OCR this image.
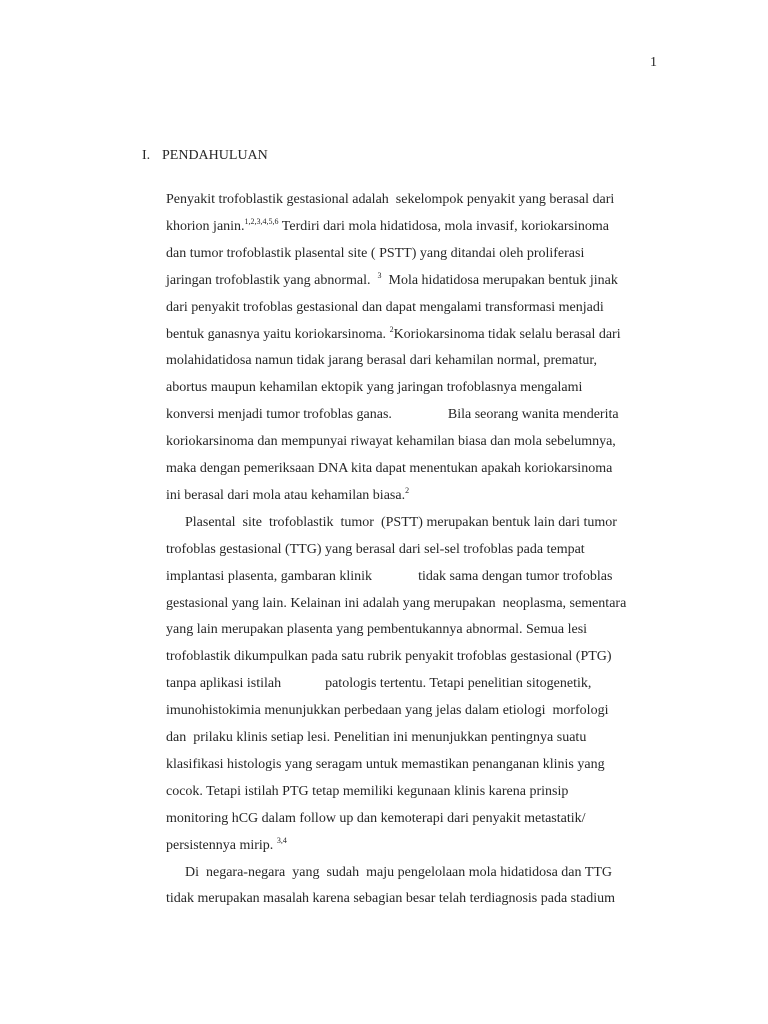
1
I. PENDAHULUAN
Penyakit trofoblastik gestasional adalah  sekelompok penyakit yang berasal dari
khorion janin.$^{1,2,3,4,5,6}$ Terdiri dari mola hidatidosa, mola invasif, koriokarsinoma
dan tumor trofoblastik plasental site ( PSTT) yang ditandai oleh proliferasi
jaringan trofoblastik yang abnormal.  $^3$  Mola hidatidosa merupakan bentuk jinak
dari penyakit trofoblas gestasional dan dapat mengalami transformasi menjadi
bentuk ganasnya yaitu koriokarsinoma. $^2$Koriokarsinoma tidak selalu berasal dari
molahidatidosa namun tidak jarang berasal dari kehamilan normal, prematur,
abortus maupun kehamilan ektopik yang jaringan trofoblasnya mengalami
konversi menjadi tumor trofoblas ganas.	Bila seorang wanita menderita
koriokarsinoma dan mempunyai riwayat kehamilan biasa dan mola sebelumnya,
maka dengan pemeriksaan DNA kita dapat menentukan apakah koriokarsinoma
ini berasal dari mola atau kehamilan biasa.$^2$
Plasental  site  trofoblastik  tumor  (PSTT) merupakan bentuk lain dari tumor
trofoblas gestasional (TTG) yang berasal dari sel-sel trofoblas pada tempat
implantasi plasenta, gambaran klinik	tidak sama dengan tumor trofoblas
gestasional yang lain. Kelainan ini adalah yang merupakan  neoplasma, sementara
yang lain merupakan plasenta yang pembentukannya abnormal. Semua lesi
trofoblastik dikumpulkan pada satu rubrik penyakit trofoblas gestasional (PTG)
tanpa aplikasi istilah	patologis tertentu. Tetapi penelitian sitogenetik,
imunohistokimia menunjukkan perbedaan yang jelas dalam etiologi  morfologi
dan  prilaku klinis setiap lesi. Penelitian ini menunjukkan pentingnya suatu
klasifikasi histologis yang seragam untuk memastikan penanganan klinis yang
cocok. Tetapi istilah PTG tetap memiliki kegunaan klinis karena prinsip
monitoring hCG dalam follow up dan kemoterapi dari penyakit metastatik/
persistennya mirip. $^{3,4}$
Di  negara-negara  yang  sudah  maju pengelolaan mola hidatidosa dan TTG
tidak merupakan masalah karena sebagian besar telah terdiagnosis pada stadium
